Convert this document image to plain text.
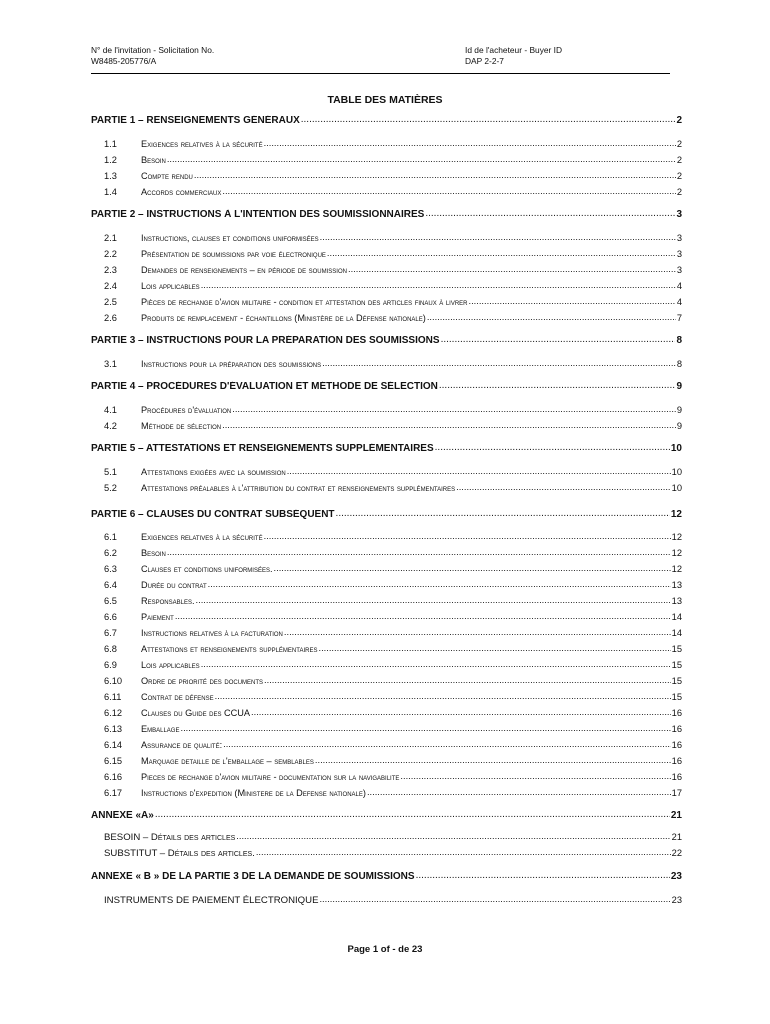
N° de l'invitation - Solicitation No.
W8485-205776/A
Id de l'acheteur - Buyer ID
DAP 2-2-7
TABLE DES MATIÈRES
PARTIE 1 – RENSEIGNEMENTS GÉNÉRAUX .....	2
1.1	Exigences relatives à la sécurité .....	2
1.2	Besoin .....	2
1.3	Compte rendu .....	2
1.4	Accords commerciaux .....	2
PARTIE 2 – INSTRUCTIONS À L'INTENTION DES SOUMISSIONNAIRES .....	3
2.1	Instructions, clauses et conditions uniformisées .....	3
2.2	Présentation de soumissions par voie électronique .....	3
2.3	Demandes de renseignements – en période de soumission .....	3
2.4	Lois applicables .....	4
2.5	Pièces de rechange d'avion militaire - condition et attestation des articles finaux à livrer .....	4
2.6	Produits de remplacement - échantillons (Ministère de la Défense nationale) .....	7
PARTIE 3 – INSTRUCTIONS POUR LA PRÉPARATION DES SOUMISSIONS .....	8
3.1	Instructions pour la préparation des soumissions .....	8
PARTIE 4 – PROCÉDURES D'ÉVALUATION ET MÉTHODE DE SÉLECTION .....	9
4.1	Procédures d'évaluation .....	9
4.2	Méthode de sélection .....	9
PARTIE 5 – ATTESTATIONS ET RENSEIGNEMENTS SUPPLÉMENTAIRES .....	10
5.1	Attestations exigées avec la soumission .....	10
5.2	Attestations préalables à l'attribution du contrat et renseignements supplémentaires .....	10
PARTIE 6 – CLAUSES DU CONTRAT SUBSÉQUENT .....	12
6.1	Exigences relatives à la sécurité .....	12
6.2	Besoin .....	12
6.3	Clauses et conditions uniformisées. .....	12
6.4	Durée du contrat .....	13
6.5	Responsables. .....	13
6.6	Paiement .....	14
6.7	Instructions relatives à la facturation .....	14
6.8	Attestations et renseignements supplémentaires .....	15
6.9	Lois applicables .....	15
6.10 Ordre de priorité des documents .....	15
6.11 Contrat de défense .....	15
6.12 Clauses du Guide des CCUA .....	16
6.13 Emballage .....	16
6.14 Assurance de qualité: .....	16
6.15 Marquage detaille de l'emballage – semblables .....	16
6.16 Pieces de rechange d'avion militaire - documentation sur la navigabilite .....	16
6.17 Instructions d'expedition (Ministere de la Defense nationale) .....	17
ANNEXE «A» .....	21
BESOIN – Détails des articles .....	21
SUBSTITUT – Détails des articles. .....	22
ANNEXE « B » DE LA PARTIE 3 DE LA DEMANDE DE SOUMISSIONS .....	23
INSTRUMENTS DE PAIEMENT ÉLECTRONIQUE .....	23
Page 1 of - de 23
